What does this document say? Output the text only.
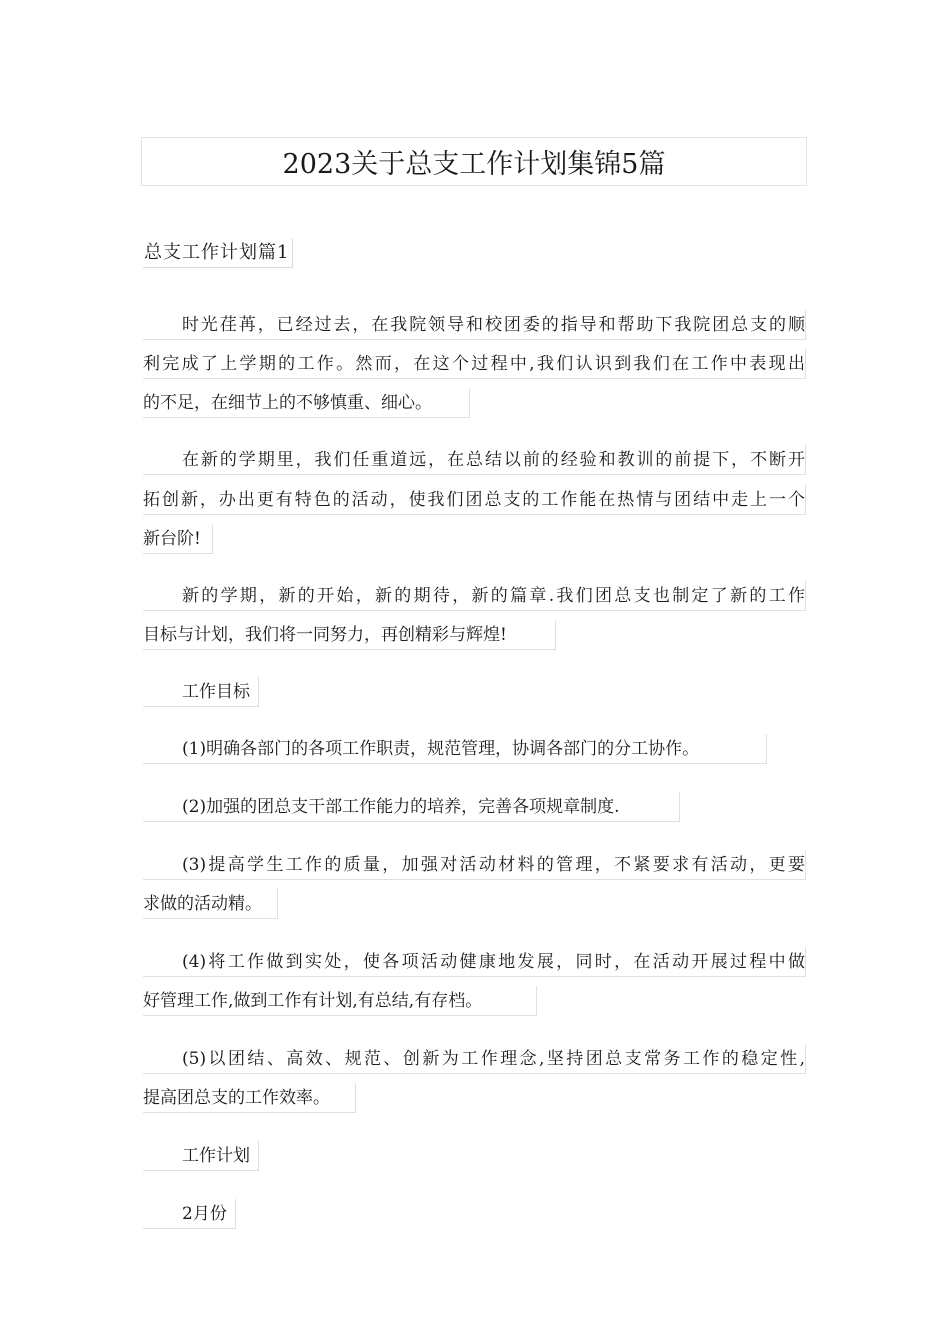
2023关于总支工作计划集锦5篇
总支工作计划篇1
时光荏苒，已经过去，在我院领导和校团委的指导和帮助下我院团总支的顺
利完成了上学期的工作。然而，在这个过程中,我们认识到我们在工作中表现出
的不足，在细节上的不够慎重、细心。
在新的学期里，我们任重道远，在总结以前的经验和教训的前提下，不断开
拓创新，办出更有特色的活动，使我们团总支的工作能在热情与团结中走上一个
新台阶!
新的学期，新的开始，新的期待，新的篇章.我们团总支也制定了新的工作
目标与计划，我们将一同努力，再创精彩与辉煌!
工作目标
(1)明确各部门的各项工作职责，规范管理，协调各部门的分工协作。
(2)加强的团总支干部工作能力的培养，完善各项规章制度.
(3)提高学生工作的质量，加强对活动材料的管理，不紧要求有活动，更要
求做的活动精。
(4)将工作做到实处，使各项活动健康地发展，同时，在活动开展过程中做
好管理工作,做到工作有计划,有总结,有存档。
(5)以团结、高效、规范、创新为工作理念,坚持团总支常务工作的稳定性,
提高团总支的工作效率。
工作计划
2月份
